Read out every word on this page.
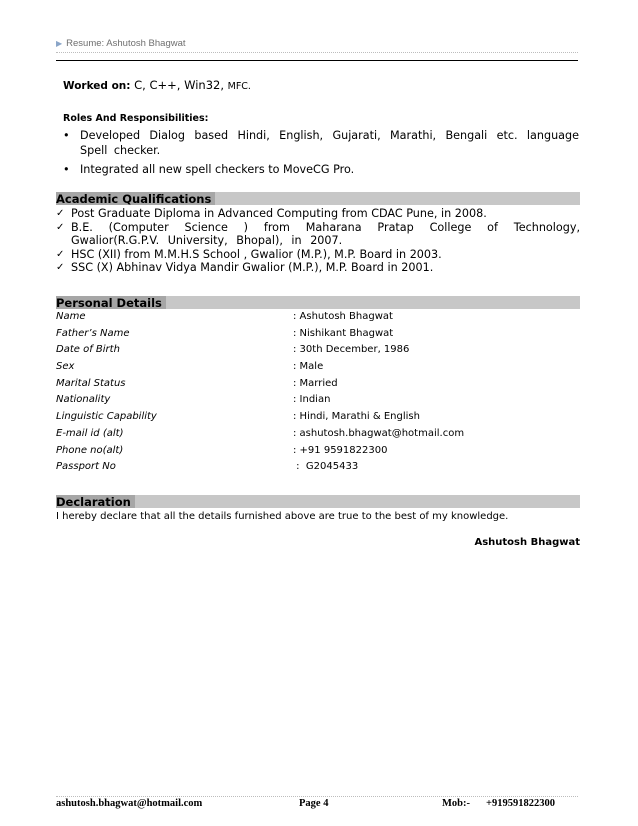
▶ Resume: Ashutosh Bhagwat
Worked on: C, C++, Win32, MFC.
Roles And Responsibilities:
• Developed Dialog based Hindi, English, Gujarati, Marathi, Bengali etc. language Spell checker.
• Integrated all new spell checkers to MoveCG Pro.
Academic Qualifications
✓ Post Graduate Diploma in Advanced Computing from CDAC Pune, in 2008.
✓ B.E. (Computer Science ) from Maharana Pratap College of Technology, Gwalior(R.G.P.V. University, Bhopal), in 2007.
✓ HSC (XII) from M.M.H.S School , Gwalior (M.P.), M.P. Board in 2003.
✓ SSC (X) Abhinav Vidya Mandir Gwalior (M.P.), M.P. Board in 2001.
Personal Details
Name	: Ashutosh Bhagwat
Father’s Name	: Nishikant Bhagwat
Date of Birth	: 30th December, 1986
Sex	: Male
Marital Status	: Married
Nationality	: Indian
Linguistic Capability	: Hindi, Marathi & English
E-mail id (alt)	: ashutosh.bhagwat@hotmail.com
Phone no(alt)	: +91 9591822300
Passport No	:  G2045433
Declaration
I hereby declare that all the details furnished above are true to the best of my knowledge.
Ashutosh Bhagwat
ashutosh.bhagwat@hotmail.com	Page 4	Mob:- +919591822300
